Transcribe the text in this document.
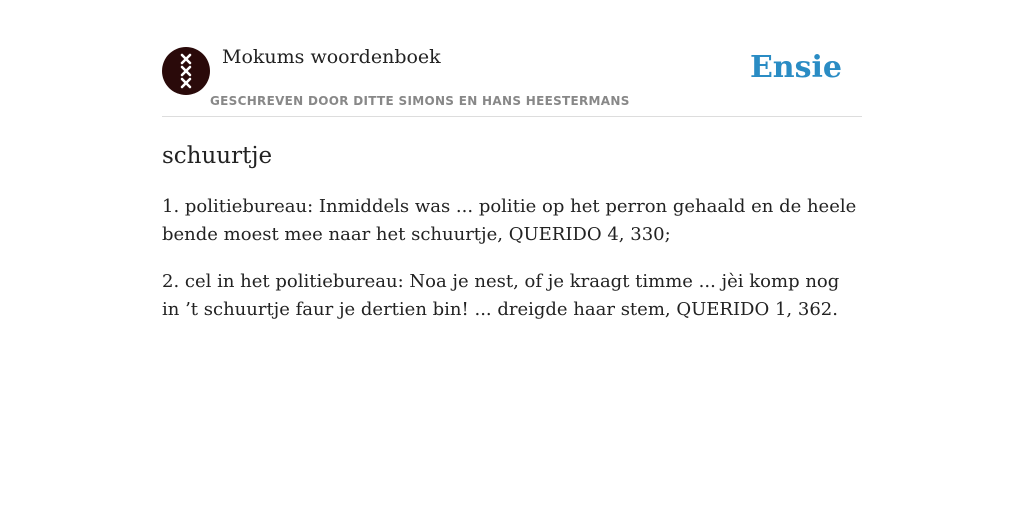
Mokums woordenboek
GESCHREVEN DOOR DITTE SIMONS EN HANS HEESTERMANS
Ensie
schuurtje
1. politiebureau: Inmiddels was ... politie op het perron gehaald en de heele bende moest mee naar het schuurtje, QUERIDO 4, 330;
2. cel in het politiebureau: Noa je nest, of je kraagt timme ... jèi komp nog in ’t schuurtje faur je dertien bin! ... dreigde haar stem, QUERIDO 1, 362.
